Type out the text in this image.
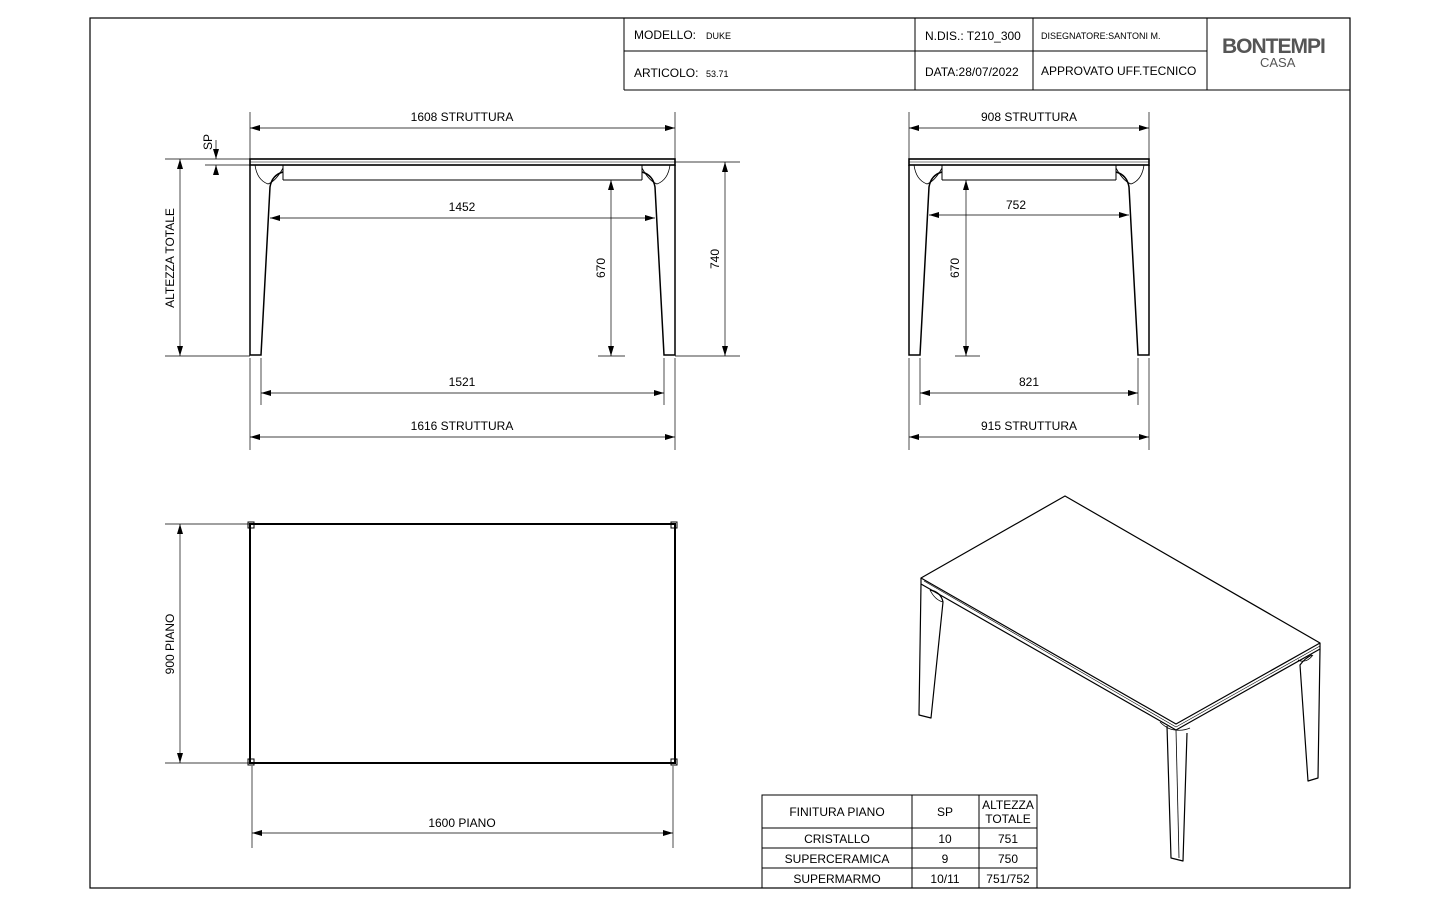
MODELLO: DUKE
ARTICOLO: 53.71
N.DIS.: T210_300
DATA:28/07/2022
DISEGNATORE:SANTONI M.
APPROVATO UFF.TECNICO
BONTEMPI
CASA
1608 STRUTTURA
1452
1521
1616 STRUTTURA
670	740
SP
ALTEZZA TOTALE
908 STRUTTURA
752
821
915 STRUTTURA
670
900 PIANO
1600 PIANO
FINITURA PIANO	SP ALTEZZA
TOTALE
CRISTALLO	10	751
SUPERCERAMICA	9	750
SUPERMARMO	10/11 751/752
